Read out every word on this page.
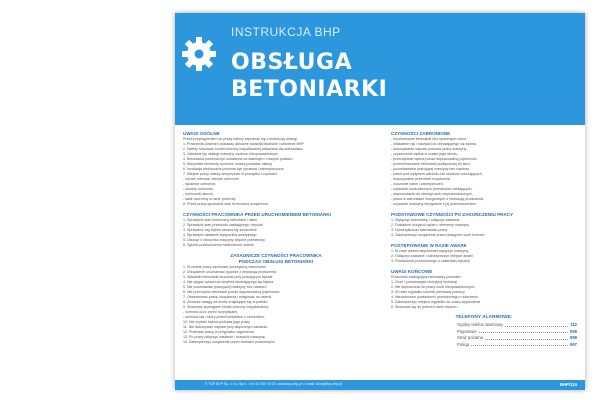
INSTRUKCJA BHP
OBSŁUGA
BETONIARKI
UWAGI OGÓLNE
Przed przystąpieniem do pracy należy zapoznać się z instrukcją obsługi
1. Pracownik powinien posiadać aktualne badania lekarskie i szkolenie BHP
2. Należy stosować środki ochrony indywidualnej wskazane dla stanowiska
3. Zabrania się obsługi maszyny osobom nieupoważnionym
4. Betoniarka powinna być ustawiona na stabilnym i równym podłożu
5. Wszystkie elementy ruchome muszą posiadać osłony
6. Instalacja elektryczna powinna być sprawna i zabezpieczona
7. Miejsce pracy należy utrzymywać w porządku i czystości
- odzież robocza, obuwie ochronne
- rękawice ochronne,
- okulary ochronne,
- ochronniki słuchu,
- kask ochronny w razie potrzeby
8. Przed pracą sprawdzić stan techniczny urządzenia
CZYNNOŚCI PRACOWNIKA PRZED URUCHOMIENIEM BETONIARKI
1. Sprawdzić stan techniczny betoniarki i osłon
2. Sprawdzić stan przewodu zasilającego i wtyczki
3. Sprawdzić czy bęben obraca się swobodnie
4. Sprawdzić działanie wyłącznika awaryjnego
5. Usunąć z otoczenia maszyny zbędne przedmioty
6. Zgłosić przełożonemu stwierdzone usterki
ZASADNICZE CZYNNOŚCI PRACOWNIKA
PODCZAS OBSŁUGI BETONIARKI
1. W czasie pracy zachować szczególną ostrożność
2. Urządzenie uruchamiać zgodnie z instrukcją producenta
3. Składniki mieszanki dozować przy pracującym bębnie
4. Nie sięgać rękami do wnętrza obracającego się bębna
5. Nie pozostawiać pracującej maszyny bez nadzoru
6. Nie przeciążać betoniarki ponad dopuszczalną pojemność
7. Obserwować pracę urządzenia i reagować na usterki
8. Zwracać uwagę na osoby znajdujące się w pobliżu
9. Stosować wymagane środki ochrony indywidualnej:
- ochrona oczu przed rozpryskami,
- ochrona rąk i skóry przed kontaktem z cementem,
10. Nie czyścić bębna podczas jego pracy
11. Nie dokonywać napraw przy włączonym zasilaniu
12. Przerwać pracę w przypadku zagrożenia
13. Po pracy odłączyć zasilanie i oczyścić maszynę
14. Zabezpieczyć urządzenie przed osobami postronnymi
CZYNNOŚCI ZABRONIONE
- uruchamianie betoniarki bez sprawnych osłon,
- wkładanie rąk i narzędzi do obracającego się bębna,
- dokonywanie napraw podczas pracy maszyny,
- czyszczenie bębna w czasie jego obrotu,
- przeciążanie bębna ponad dopuszczalną pojemność,
- przemieszczanie betoniarki podłączonej do sieci,
- pozostawianie pracującej maszyny bez nadzoru,
- praca pod wpływem alkoholu lub środków odurzających,
- dokonywanie przeróbek urządzenia,
- usuwanie osłon i zabezpieczeń,
- używanie uszkodzonych przewodów zasilających,
- dopuszczanie do obsługi osób nieprzeszkolonych,
- praca w warunkach niezgodnych z instrukcją producenta,
- używanie maszyny niezgodnie z jej przeznaczeniem
PODSTAWOWE CZYNNOŚCI PO ZAKOŃCZENIU PRACY
1. Wyłączyć betoniarkę i odłączyć zasilanie
2. Dokładnie oczyścić bęben i elementy maszyny
3. Uporządkować stanowisko pracy
4. Zabezpieczyć urządzenie przed dostępem osób trzecich
POSTĘPOWANIE W RAZIE AWARII
1. W razie awarii natychmiast wyłączyć maszynę
2. Odłączyć zasilanie i zabezpieczyć miejsce awarii
3. Powiadomić przełożonego o zaistniałej sytuacji
UWAGI KOŃCOWE
Pracownik obsługujący betoniarkę powinien:
1. Znać i przestrzegać niniejszej instrukcji
2. Nie dopuszczać do pracy osób nieupoważnionych
3. W razie wypadku udzielić pierwszej pomocy
4. Niezwłocznie powiadomić przełożonego o zdarzeniu
5. Zabezpieczyć miejsce wypadku do czasu wyjaśnienia
6. Stosować się do poleceń osób nadzoru
TELEFONY ALARMOWE:
Ogólny telefon alarmowy	112
Pogotowie	999
Straż pożarna	998
Policja	997
© TOP BHP Sp. z o.o. Sp.k. • tel. 61 000 00 00 • www.top-bhp.pl • e-mail: sklep@top-bhp.pl	BHP/124
